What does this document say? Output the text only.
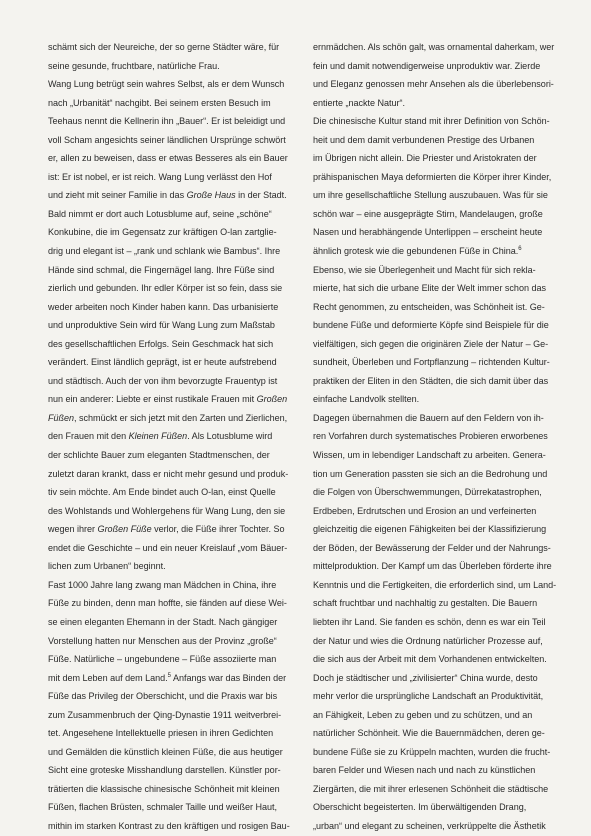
schämt sich der Neureiche, der so gerne Städter wäre, für
seine gesunde, fruchtbare, natürliche Frau.
Wang Lung betrügt sein wahres Selbst, als er dem Wunsch
nach „Urbanität“ nachgibt. Bei seinem ersten Besuch im
Teehaus nennt die Kellnerin ihn „Bauer“. Er ist beleidigt und
voll Scham angesichts seiner ländlichen Ursprünge schwört
er, allen zu beweisen, dass er etwas Besseres als ein Bauer
ist: Er ist nobel, er ist reich. Wang Lung verlässt den Hof
und zieht mit seiner Familie in das Große Haus in der Stadt.
Bald nimmt er dort auch Lotusblume auf, seine „schöne“
Konkubine, die im Gegensatz zur kräftigen O-lan zartglie-
drig und elegant ist – „rank und schlank wie Bambus“. Ihre
Hände sind schmal, die Fingernägel lang. Ihre Füße sind
zierlich und gebunden. Ihr edler Körper ist so fein, dass sie
weder arbeiten noch Kinder haben kann. Das urbanisierte
und unproduktive Sein wird für Wang Lung zum Maßstab
des gesellschaftlichen Erfolgs. Sein Geschmack hat sich
verändert. Einst ländlich geprägt, ist er heute aufstrebend
und städtisch. Auch der von ihm bevorzugte Frauentyp ist
nun ein anderer: Liebte er einst rustikale Frauen mit Großen
Füßen, schmückt er sich jetzt mit den Zarten und Zierlichen,
den Frauen mit den Kleinen Füßen. Als Lotusblume wird
der schlichte Bauer zum eleganten Stadtmenschen, der
zuletzt daran krankt, dass er nicht mehr gesund und produk-
tiv sein möchte. Am Ende bindet auch O-lan, einst Quelle
des Wohlstands und Wohlergehens für Wang Lung, den sie
wegen ihrer Großen Füße verlor, die Füße ihrer Tochter. So
endet die Geschichte – und ein neuer Kreislauf „vom Bäuer-
lichen zum Urbanen“ beginnt.
Fast 1000 Jahre lang zwang man Mädchen in China, ihre
Füße zu binden, denn man hoffte, sie fänden auf diese Wei-
se einen eleganten Ehemann in der Stadt. Nach gängiger
Vorstellung hatten nur Menschen aus der Provinz „große“
Füße. Natürliche – ungebundene – Füße assoziierte man
mit dem Leben auf dem Land.$^5$ Anfangs war das Binden der
Füße das Privileg der Oberschicht, und die Praxis war bis
zum Zusammenbruch der Qing-Dynastie 1911 weitverbrei-
tet. Angesehene Intellektuelle priesen in ihren Gedichten
und Gemälden die künstlich kleinen Füße, die aus heutiger
Sicht eine groteske Misshandlung darstellen. Künstler por-
trätierten die klassische chinesische Schönheit mit kleinen
Füßen, flachen Brüsten, schmaler Taille und weißer Haut,
mithin im starken Kontrast zu den kräftigen und rosigen Bau-
ernmädchen. Als schön galt, was ornamental daherkam, wer
fein und damit notwendigerweise unproduktiv war. Zierde
und Eleganz genossen mehr Ansehen als die überlebensori-
entierte „nackte Natur“.
Die chinesische Kultur stand mit ihrer Definition von Schön-
heit und dem damit verbundenen Prestige des Urbanen
im Übrigen nicht allein. Die Priester und Aristokraten der
prähispanischen Maya deformierten die Körper ihrer Kinder,
um ihre gesellschaftliche Stellung auszubauen. Was für sie
schön war – eine ausgeprägte Stirn, Mandelaugen, große
Nasen und herabhängende Unterlippen – erscheint heute
ähnlich grotesk wie die gebundenen Füße in China.$^6$
Ebenso, wie sie Überlegenheit und Macht für sich rekla-
mierte, hat sich die urbane Elite der Welt immer schon das
Recht genommen, zu entscheiden, was Schönheit ist. Ge-
bundene Füße und deformierte Köpfe sind Beispiele für die
vielfältigen, sich gegen die originären Ziele der Natur – Ge-
sundheit, Überleben und Fortpflanzung – richtenden Kultur-
praktiken der Eliten in den Städten, die sich damit über das
einfache Landvolk stellten.
Dagegen übernahmen die Bauern auf den Feldern von ih-
ren Vorfahren durch systematisches Probieren erworbenes
Wissen, um in lebendiger Landschaft zu arbeiten. Genera-
tion um Generation passten sie sich an die Bedrohung und
die Folgen von Überschwemmungen, Dürrekatastrophen,
Erdbeben, Erdrutschen und Erosion an und verfeinerten
gleichzeitig die eigenen Fähigkeiten bei der Klassifizierung
der Böden, der Bewässerung der Felder und der Nahrungs-
mittelproduktion. Der Kampf um das Überleben förderte ihre
Kenntnis und die Fertigkeiten, die erforderlich sind, um Land-
schaft fruchtbar und nachhaltig zu gestalten. Die Bauern
liebten ihr Land. Sie fanden es schön, denn es war ein Teil
der Natur und wies die Ordnung natürlicher Prozesse auf,
die sich aus der Arbeit mit dem Vorhandenen entwickelten.
Doch je städtischer und „zivilisierter“ China wurde, desto
mehr verlor die ursprüngliche Landschaft an Produktivität,
an Fähigkeit, Leben zu geben und zu schützen, und an
natürlicher Schönheit. Wie die Bauernmädchen, deren ge-
bundene Füße sie zu Krüppeln machten, wurden die frucht-
baren Felder und Wiesen nach und nach zu künstlichen
Ziergärten, die mit ihrer erlesenen Schönheit die städtische
Oberschicht begeisterten. Im überwältigenden Drang,
„urban“ und elegant zu scheinen, verkrüppelte die Ästhetik
